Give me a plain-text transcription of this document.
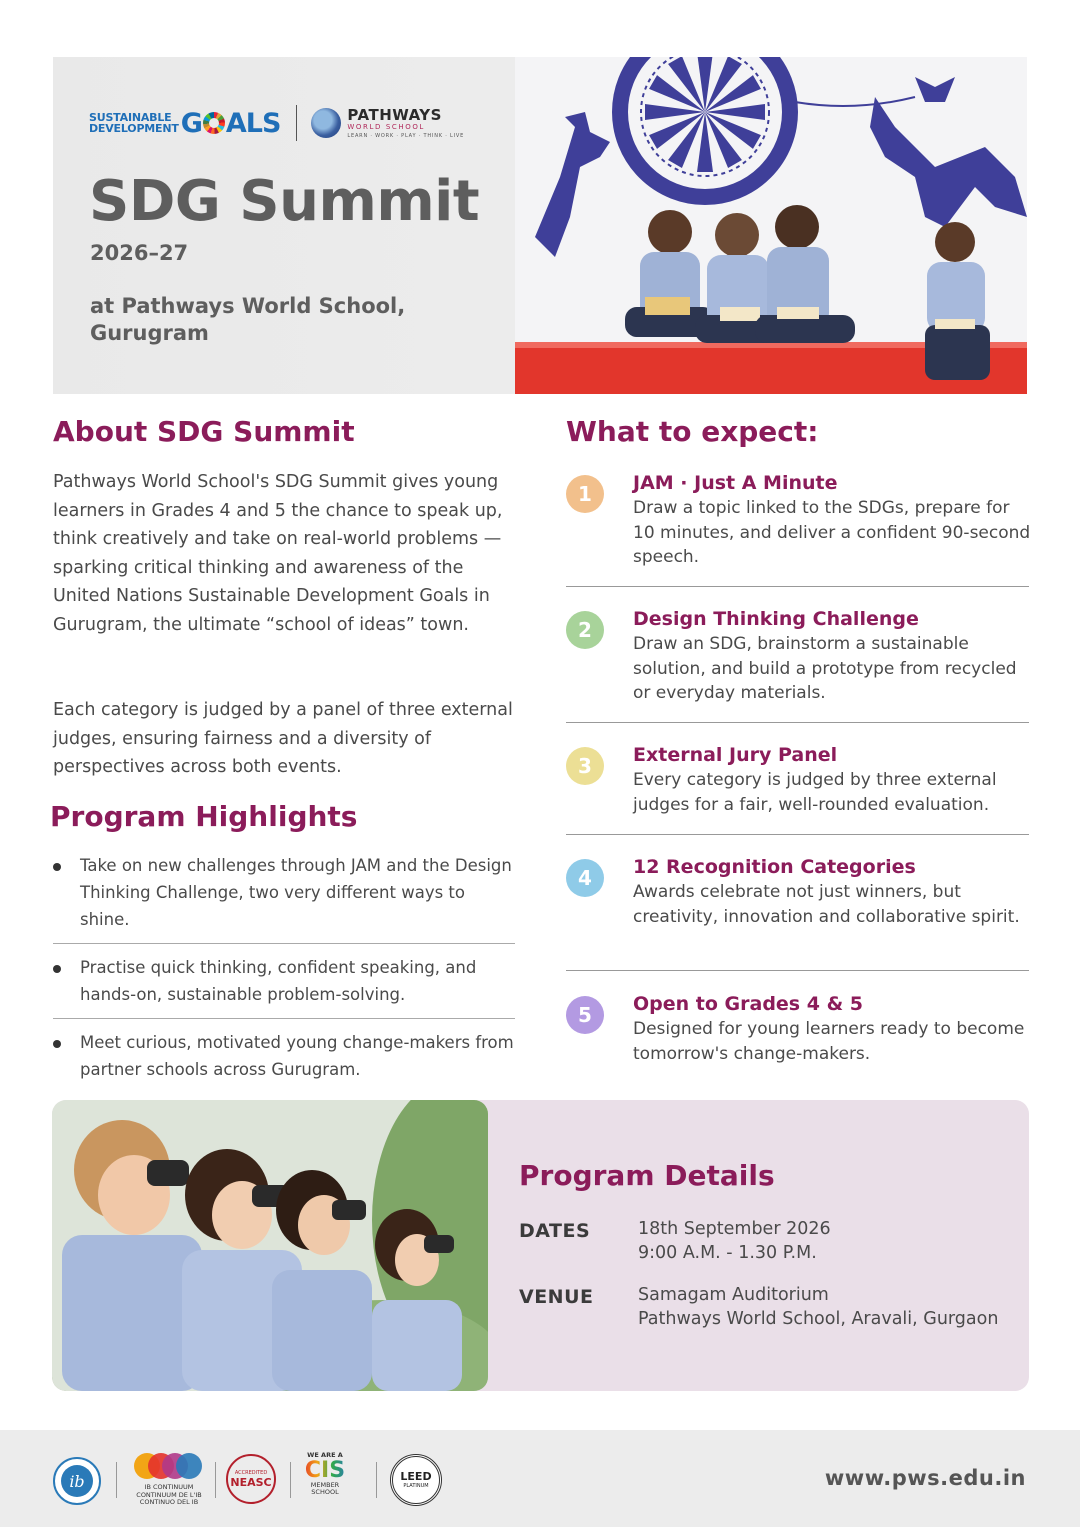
SUSTAINABLE
DEVELOPMENT G ALS	PATHWAYS
WORLD SCHOOL
LEARN · WORK · PLAY · THINK · LIVE
SDG Summit
2026–27
at Pathways World School, Gurugram
About SDG Summit
Pathways World School's SDG Summit gives young learners in Grades 4 and 5 the chance to speak up, think creatively and take on real-world problems — sparking critical thinking and awareness of the United Nations Sustainable Development Goals in Gurugram, the ultimate “school of ideas” town.
Each category is judged by a panel of three external judges, ensuring fairness and a diversity of perspectives across both events.
Program Highlights
Take on new challenges through JAM and the Design Thinking Challenge, two very different ways to shine.
Practise quick thinking, confident speaking, and hands-on, sustainable problem-solving.
Meet curious, motivated young change-makers from partner schools across Gurugram.
What to expect:
1	JAM · Just A Minute
Draw a topic linked to the SDGs, prepare for 10 minutes, and deliver a confident 90-second speech.
2	Design Thinking Challenge
Draw an SDG, brainstorm a sustainable solution, and build a prototype from recycled or everyday materials.
3	External Jury Panel
Every category is judged by three external judges for a fair, well-rounded evaluation.
4	12 Recognition Categories
Awards celebrate not just winners, but creativity, innovation and collaborative spirit.
5	Open to Grades 4 & 5
Designed for young learners ready to become tomorrow's change-makers.
Program Details
DATES	18th September 2026
9:00 A.M. - 1.30 P.M.
VENUE	Samagam Auditorium
Pathways World School, Aravali, Gurgaon
ib	IB CONTINUUM
CONTINUUM DE L'IB
CONTINUO DEL IB
ACCREDITED
NEASC
WE ARE A
CIS
MEMBER
SCHOOL
LEED
PLATINUM	www.pws.edu.in
